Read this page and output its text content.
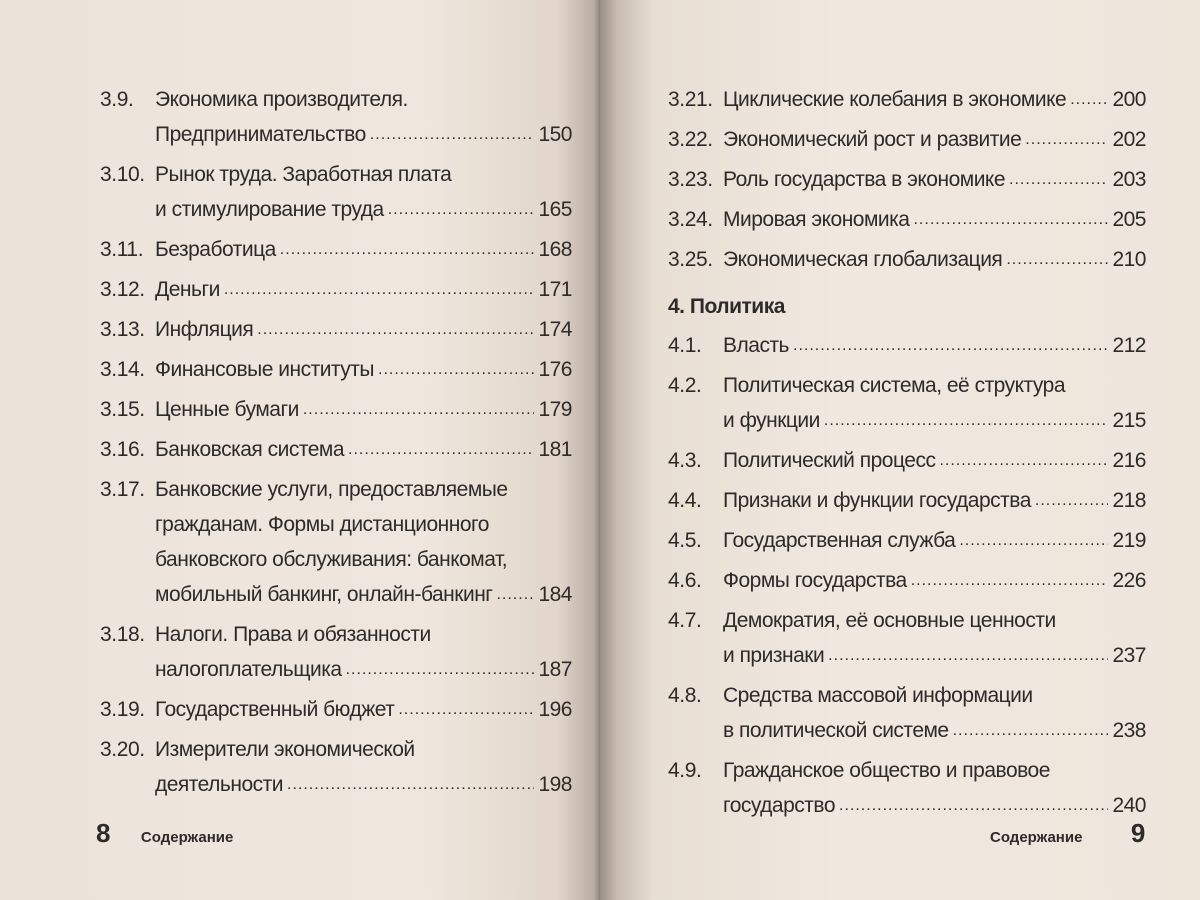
3.9.	Экономика производителя.
Предпринимательство .....	150
3.10. Рынок труда. Заработная плата
и стимулирование труда .....	165
3.11. Безработица .....	168
3.12. Деньги .....	171
3.13. Инфляция .....	174
3.14. Финансовые институты .....	176
3.15. Ценные бумаги .....	179
3.16. Банковская система .....	181
3.17. Банковские услуги, предоставляемые
гражданам. Формы дистанционного
банковского обслуживания: банкомат,
мобильный банкинг, онлайн-банкинг ..... 184
3.18. Налоги. Права и обязанности
налогоплательщика .....	187
3.19. Государственный бюджет .....	196
3.20. Измерители экономической
деятельности .....	198
8 Содержание
3.21. Циклические колебания в экономике ..... 200
3.22. Экономический рост и развитие .....	202
3.23. Роль государства в экономике .....	203
3.24. Мировая экономика .....	205
3.25. Экономическая глобализация .....	210
4. Политика
4.1.	Власть .....	212
4.2.	Политическая система, её структура
и функции .....	215
4.3.	Политический процесс .....	216
4.4.	Признаки и функции государства .....	218
4.5.	Государственная служба .....	219
4.6.	Формы государства .....	226
4.7.	Демократия, её основные ценности
и признаки .....	237
4.8.	Средства массовой информации
в политической системе .....	238
4.9.	Гражданское общество и правовое
государство .....	240
Содержание 9
